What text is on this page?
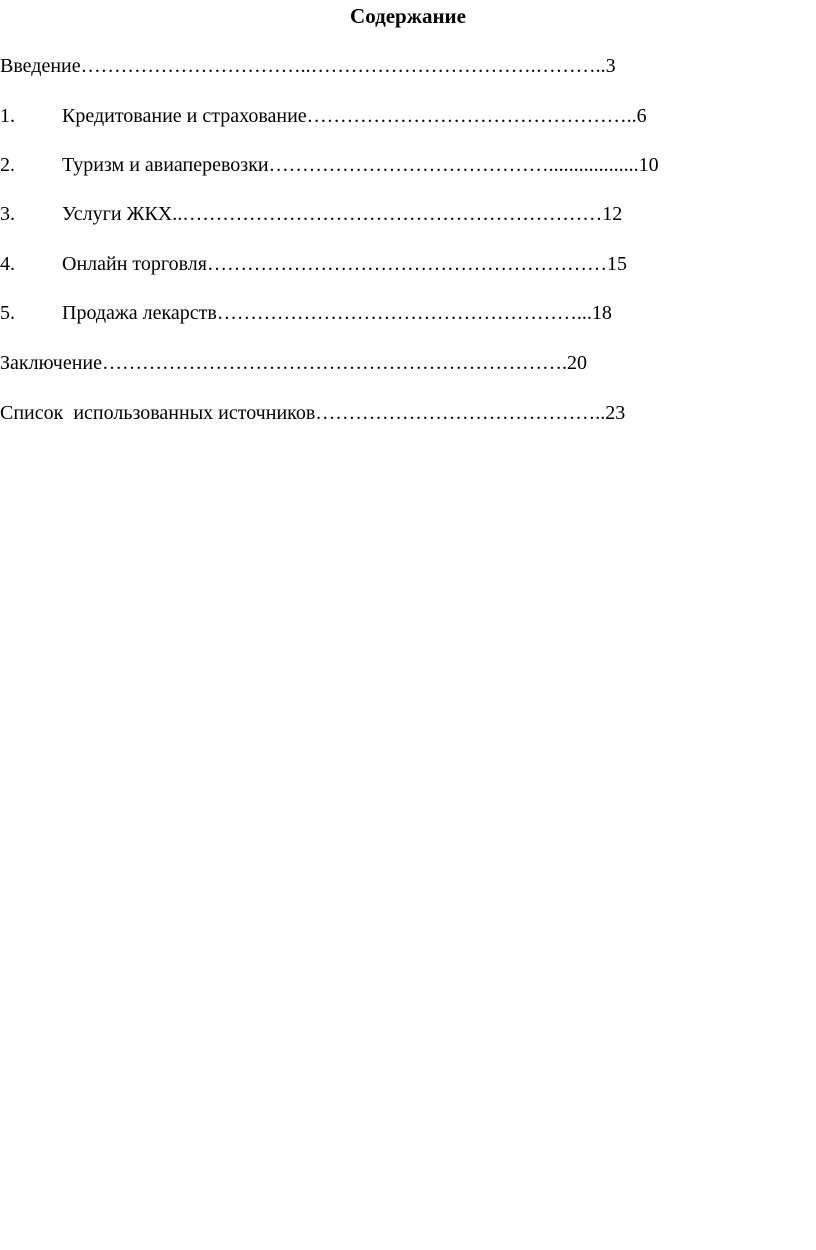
Содержание
Введение……………………………..…………………………….………..3
1. Кредитование и страхование…………………………………………..6
2. Туризм и авиаперевозки……………………………………..................10
3. Услуги ЖКХ..………………………………………………………12
4. Онлайн торговля……………………………………………………15
5. Продажа лекарств………………………………………………...18
Заключение…………………………………………………………….20
Список  использованных источников……………………………………..23
